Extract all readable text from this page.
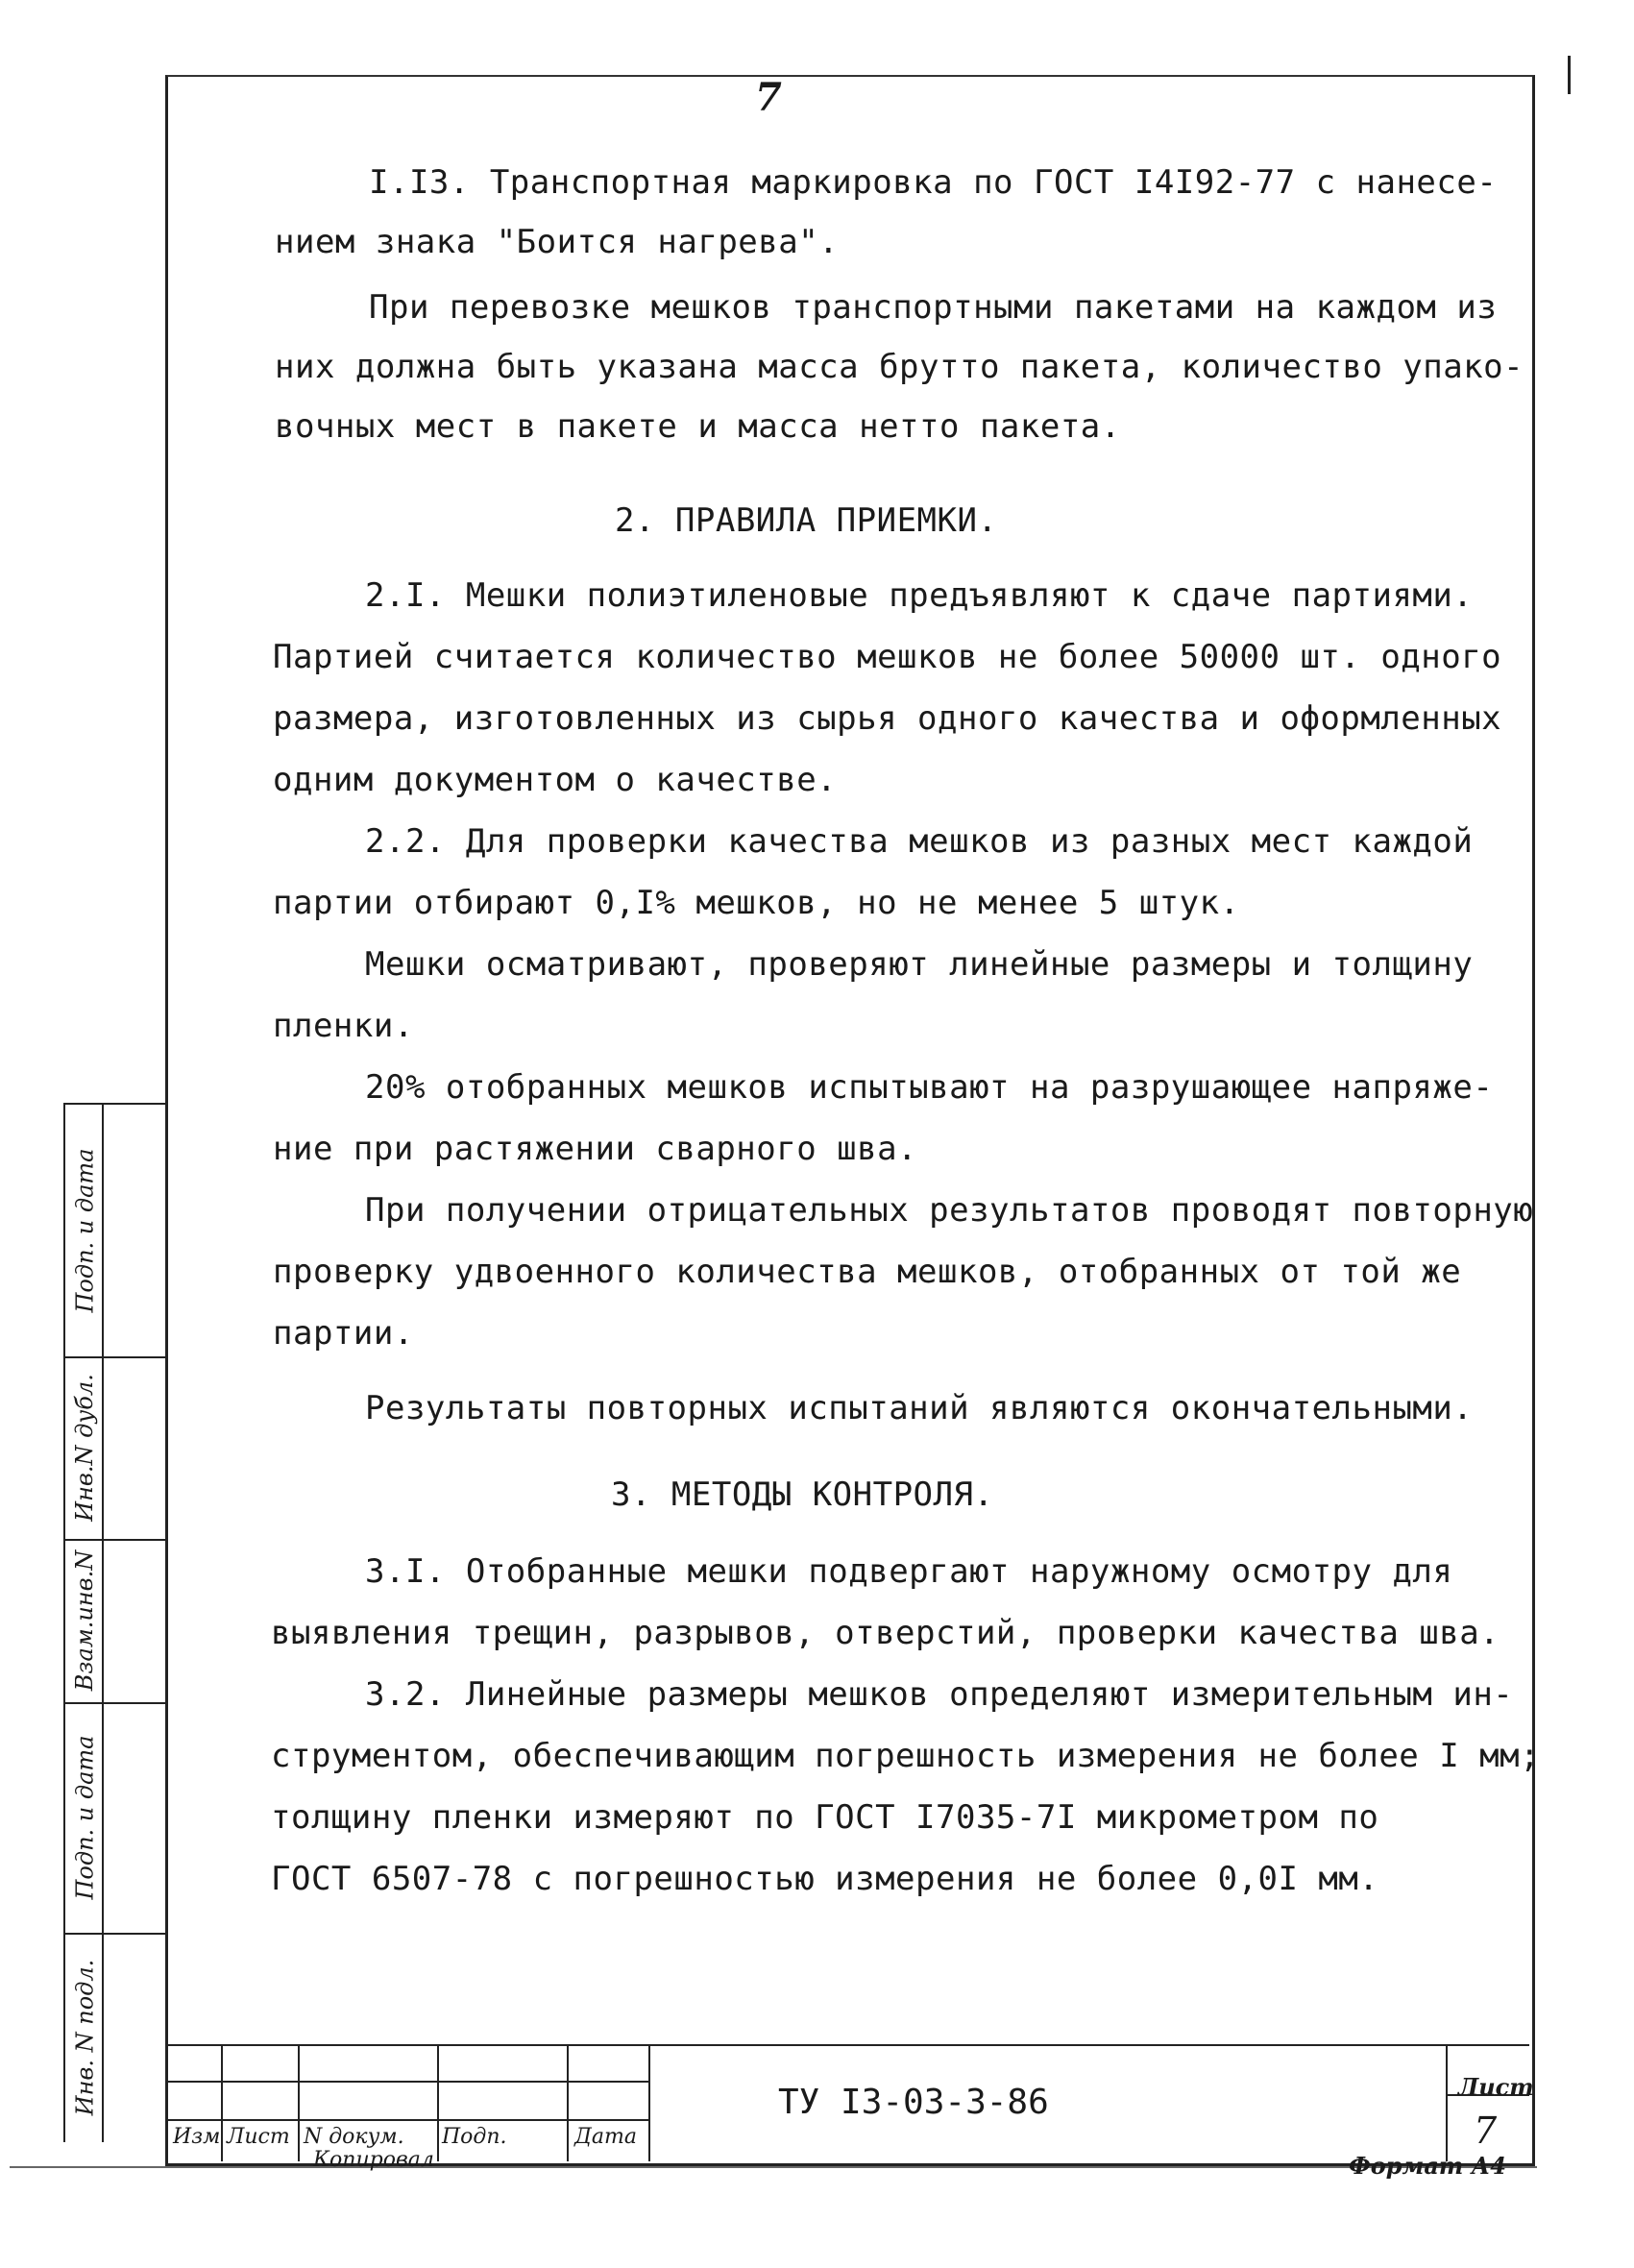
7
I.I3. Транспортная маркировка по ГОСТ I4I92-77 с нанесе-
нием знака "Боится нагрева".
При перевозке мешков транспортными пакетами на каждом из
них должна быть указана масса брутто пакета, количество упако-
вочных мест в пакете и масса нетто пакета.
2. ПРАВИЛА ПРИЕМКИ.
2.I. Мешки полиэтиленовые предъявляют к сдаче партиями.
Партией считается количество мешков не более 50000 шт. одного
размера, изготовленных из сырья одного качества и оформленных
одним документом о качестве.
2.2. Для проверки качества мешков из разных мест каждой
партии отбирают 0,I% мешков, но не менее 5 штук.
Мешки осматривают, проверяют линейные размеры и толщину
пленки.
20% отобранных мешков испытывают на разрушающее напряже-
ние при растяжении сварного шва.
При получении отрицательных результатов проводят повторную
проверку удвоенного количества мешков, отобранных от той же
партии.
Результаты повторных испытаний являются окончательными.
3. МЕТОДЫ КОНТРОЛЯ.
3.I. Отобранные мешки подвергают наружному осмотру для
выявления трещин, разрывов, отверстий, проверки качества шва.
3.2. Линейные размеры мешков определяют измерительным ин-
струментом, обеспечивающим погрешность измерения не более I мм;
толщину пленки измеряют по ГОСТ I7035-7I микрометром по
ГОСТ 6507-78 с погрешностью измерения не более 0,0I мм.
Подп. и дата
Инв.N дубл.
Взам.инв.N
Подп. и дата
Инв. N подл.
Изм Лист N докум. Подп.	Дата
ТУ I3-03-3-86	Лист
7
Копировал	Формат А4
